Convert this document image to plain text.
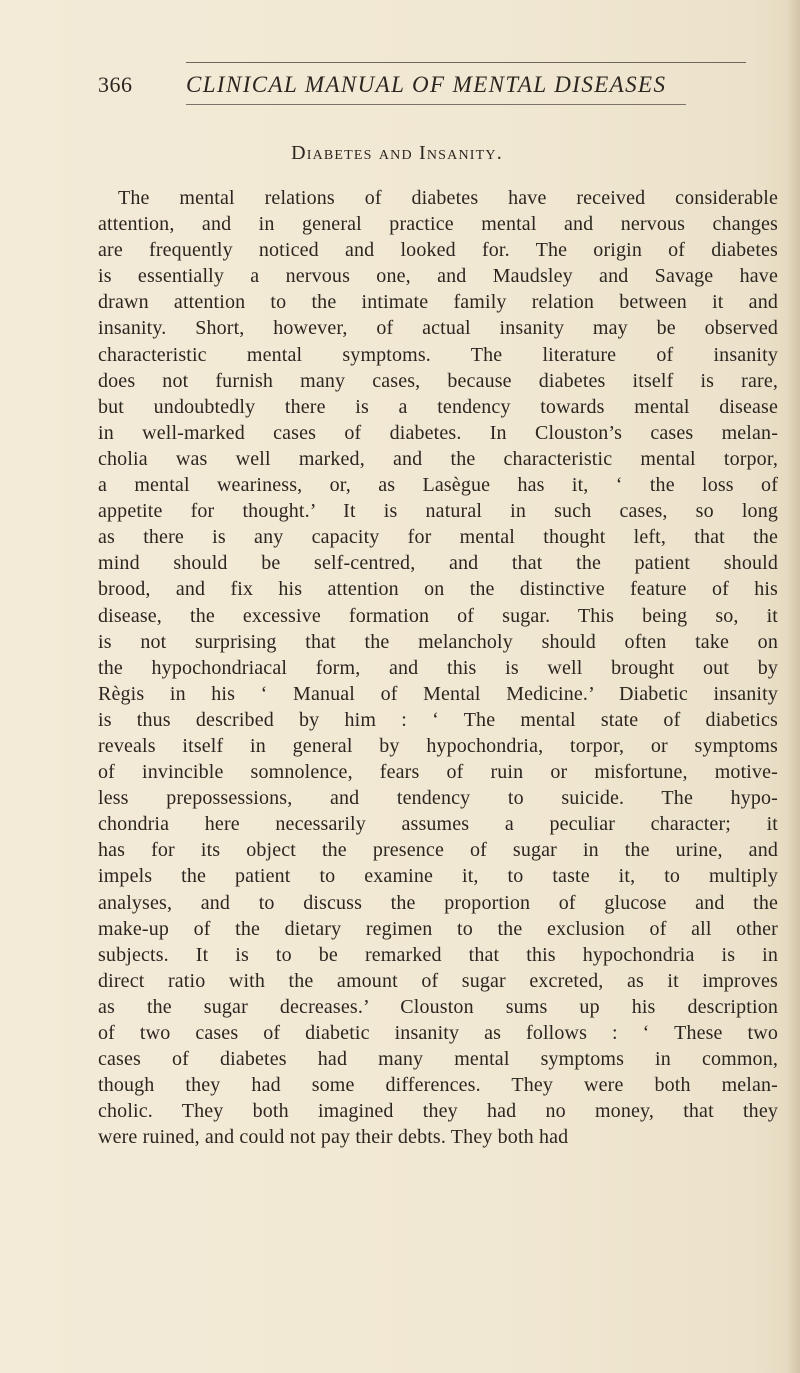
366 CLINICAL MANUAL OF MENTAL DISEASES
Diabetes and Insanity.
The mental relations of diabetes have received considerable
attention, and in general practice mental and nervous changes
are frequently noticed and looked for. The origin of diabetes
is essentially a nervous one, and Maudsley and Savage have
drawn attention to the intimate family relation between it and
insanity. Short, however, of actual insanity may be observed
characteristic mental symptoms. The literature of insanity
does not furnish many cases, because diabetes itself is rare,
but undoubtedly there is a tendency towards mental disease
in well-marked cases of diabetes. In Clouston’s cases melan-
cholia was well marked, and the characteristic mental torpor,
a mental weariness, or, as Lasègue has it, ‘ the loss of
appetite for thought.’ It is natural in such cases, so long
as there is any capacity for mental thought left, that the
mind should be self-centred, and that the patient should
brood, and fix his attention on the distinctive feature of his
disease, the excessive formation of sugar. This being so, it
is not surprising that the melancholy should often take on
the hypochondriacal form, and this is well brought out by
Règis in his ‘ Manual of Mental Medicine.’ Diabetic insanity
is thus described by him : ‘ The mental state of diabetics
reveals itself in general by hypochondria, torpor, or symptoms
of invincible somnolence, fears of ruin or misfortune, motive-
less prepossessions, and tendency to suicide. The hypo-
chondria here necessarily assumes a peculiar character; it
has for its object the presence of sugar in the urine, and
impels the patient to examine it, to taste it, to multiply
analyses, and to discuss the proportion of glucose and the
make-up of the dietary regimen to the exclusion of all other
subjects. It is to be remarked that this hypochondria is in
direct ratio with the amount of sugar excreted, as it improves
as the sugar decreases.’ Clouston sums up his description
of two cases of diabetic insanity as follows : ‘ These two
cases of diabetes had many mental symptoms in common,
though they had some differences. They were both melan-
cholic. They both imagined they had no money, that they
were ruined, and could not pay their debts. They both had
